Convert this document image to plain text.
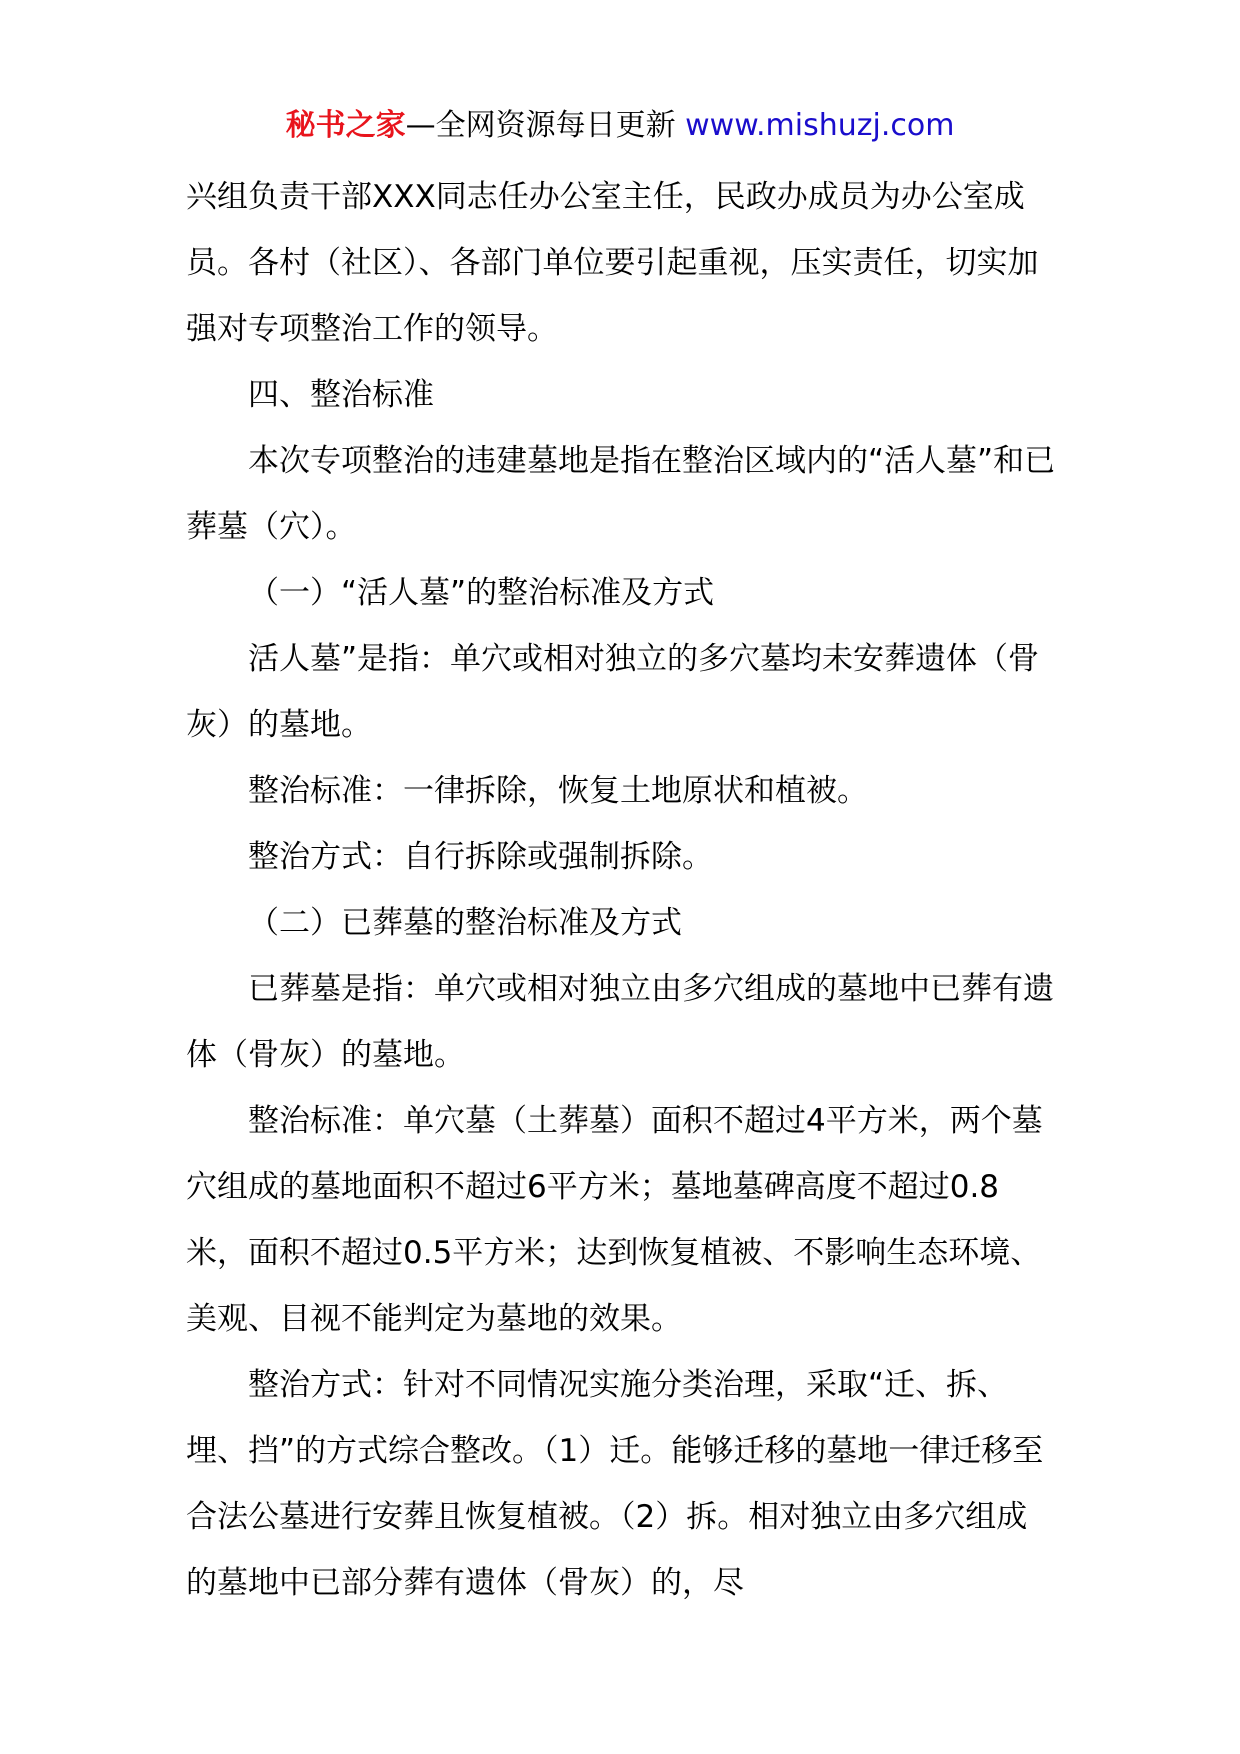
秘书之家—全网资源每日更新 www.mishuzj.com

兴组负责干部XXX同志任办公室主任，民政办成员为办公室成员。各村（社区）、各部门单位要引起重视，压实责任，切实加强对专项整治工作的领导。

四、整治标准

本次专项整治的违建墓地是指在整治区域内的“活人墓”和已葬墓（穴）。

（一）“活人墓”的整治标准及方式

活人墓”是指：单穴或相对独立的多穴墓均未安葬遗体（骨灰）的墓地。

整治标准：一律拆除，恢复土地原状和植被。

整治方式：自行拆除或强制拆除。

（二）已葬墓的整治标准及方式

已葬墓是指：单穴或相对独立由多穴组成的墓地中已葬有遗体（骨灰）的墓地。

整治标准：单穴墓（土葬墓）面积不超过4平方米，两个墓穴组成的墓地面积不超过6平方米；墓地墓碑高度不超过0.8米，面积不超过0.5平方米；达到恢复植被、不影响生态环境、美观、目视不能判定为墓地的效果。

整治方式：针对不同情况实施分类治理，采取“迁、拆、埋、挡”的方式综合整改。（1）迁。能够迁移的墓地一律迁移至合法公墓进行安葬且恢复植被。（2）拆。相对独立由多穴组成的墓地中已部分葬有遗体（骨灰）的，尽
